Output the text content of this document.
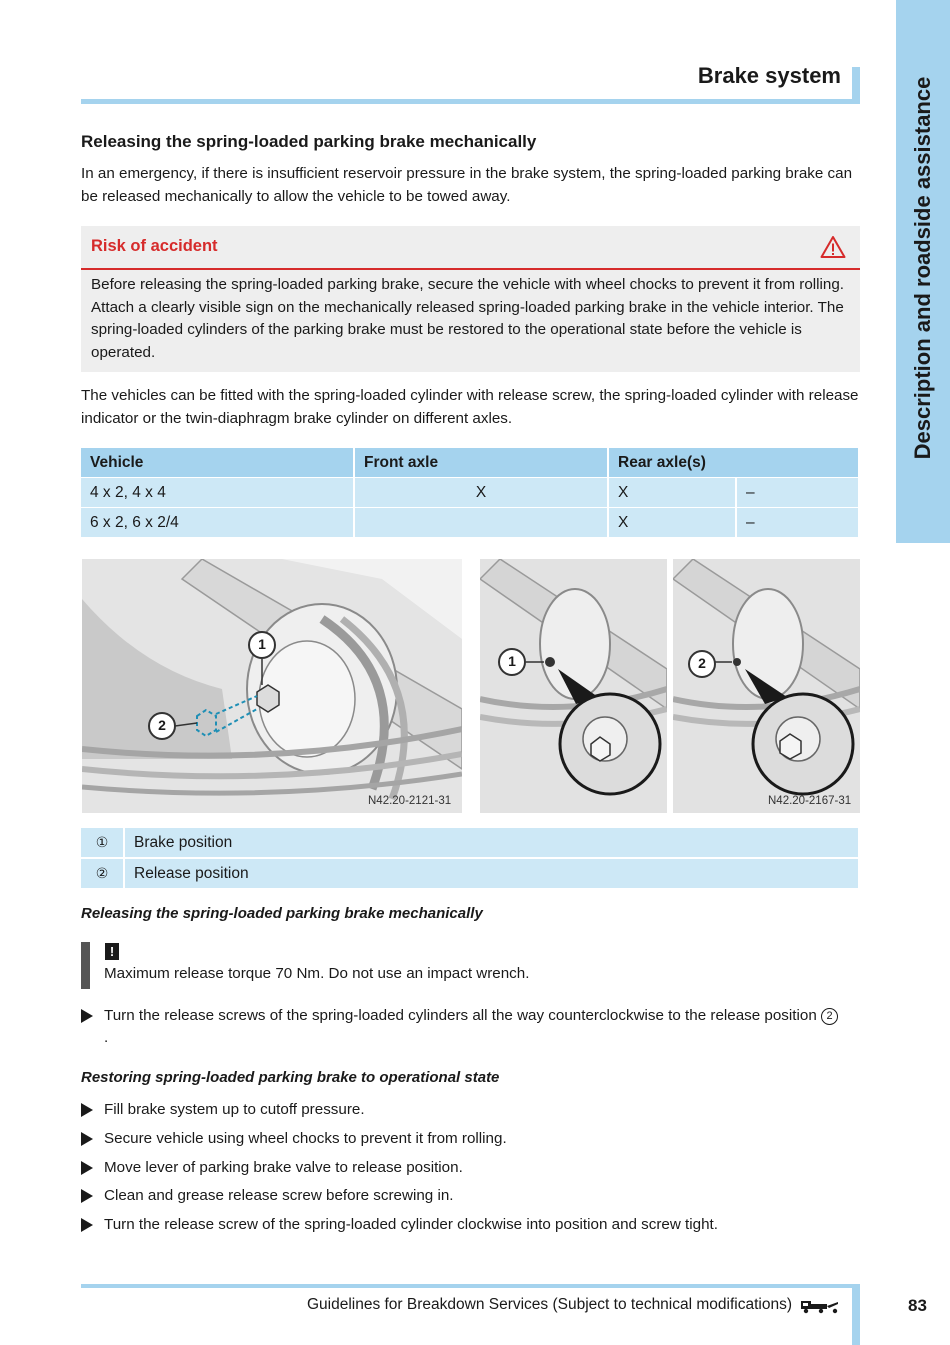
Description and roadside assistance
Brake system
Releasing the spring-loaded parking brake mechanically
In an emergency, if there is insufficient reservoir pressure in the brake system, the spring-loaded parking brake can be released mechanically to allow the vehicle to be towed away.
Risk of accident
Before releasing the spring-loaded parking brake, secure the vehicle with wheel chocks to prevent it from rolling. Attach a clearly visible sign on the mechanically released spring-loaded parking brake in the vehicle interior. The spring-loaded cylinders of the parking brake must be restored to the operational state before the vehicle is operated.
The vehicles can be fitted with the spring-loaded cylinder with release screw, the spring-loaded cylinder with release indicator or the twin-diaphragm brake cylinder on different axles.
Vehicle	Front axle	Rear axle(s)	
4 x 2, 4 x 4	X	X	–
6 x 2, 6 x 2/4		X	–
1
2
N42.20-2121-31
1	2
N42.20-2167-31
①	Brake position
②	Release position
Releasing the spring-loaded parking brake mechanically
!
Maximum release torque 70 Nm. Do not use an impact wrench.
Turn the release screws of the spring-loaded cylinders all the way counterclockwise to the release position 2.
Restoring spring-loaded parking brake to operational state
Fill brake system up to cutoff pressure.
Secure vehicle using wheel chocks to prevent it from rolling.
Move lever of parking brake valve to release position.
Clean and grease release screw before screwing in.
Turn the release screw of the spring-loaded cylinder clockwise into position and screw tight.
Guidelines for Breakdown Services (Subject to technical modifications)	83
